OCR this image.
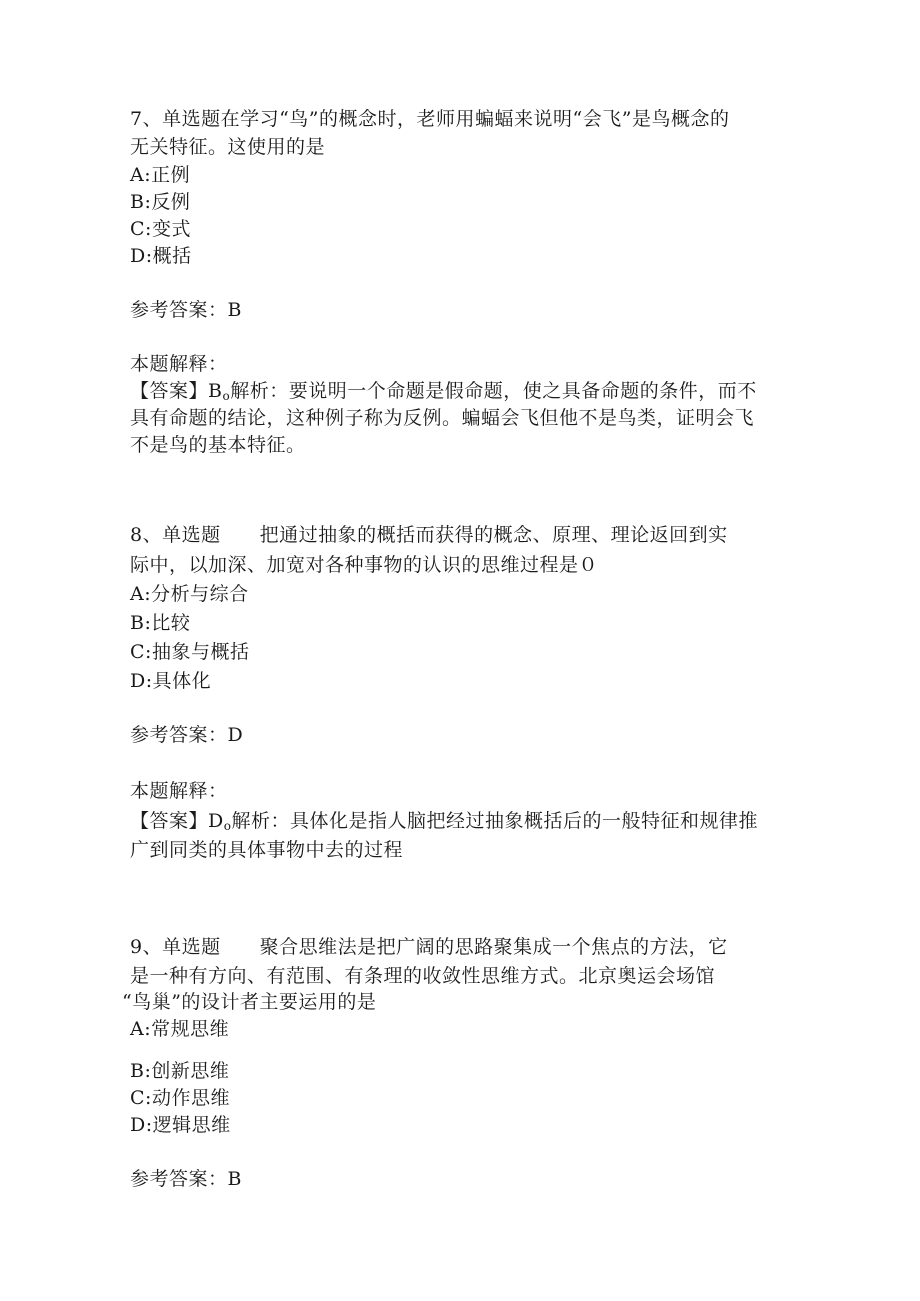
7、单选题在学习“鸟”的概念时，老师用蝙蝠来说明“会飞”是鸟概念的
无关特征。这使用的是
A:正例
B:反例
C:变式
D:概括
参考答案：B
本题解释：
【答案】$B_o$解析：要说明一个命题是假命题，使之具备命题的条件，而不
具有命题的结论，这种例子称为反例。蝙蝠会飞但他不是鸟类，证明会飞
不是鸟的基本特征。
8、单选题　　把通过抽象的概括而获得的概念、原理、理论返回到实
际中，以加深、加宽对各种事物的认识的思维过程是０
A:分析与综合
B:比较
C:抽象与概括
D:具体化
参考答案：D
本题解释：
【答案】$D_o$解析：具体化是指人脑把经过抽象概括后的一般特征和规律推
广到同类的具体事物中去的过程
9、单选题　　聚合思维法是把广阔的思路聚集成一个焦点的方法，它
是一种有方向、有范围、有条理的收敛性思维方式。北京奥运会场馆
“鸟巢”的设计者主要运用的是
A:常规思维
B:创新思维
C:动作思维
D:逻辑思维
参考答案：B
